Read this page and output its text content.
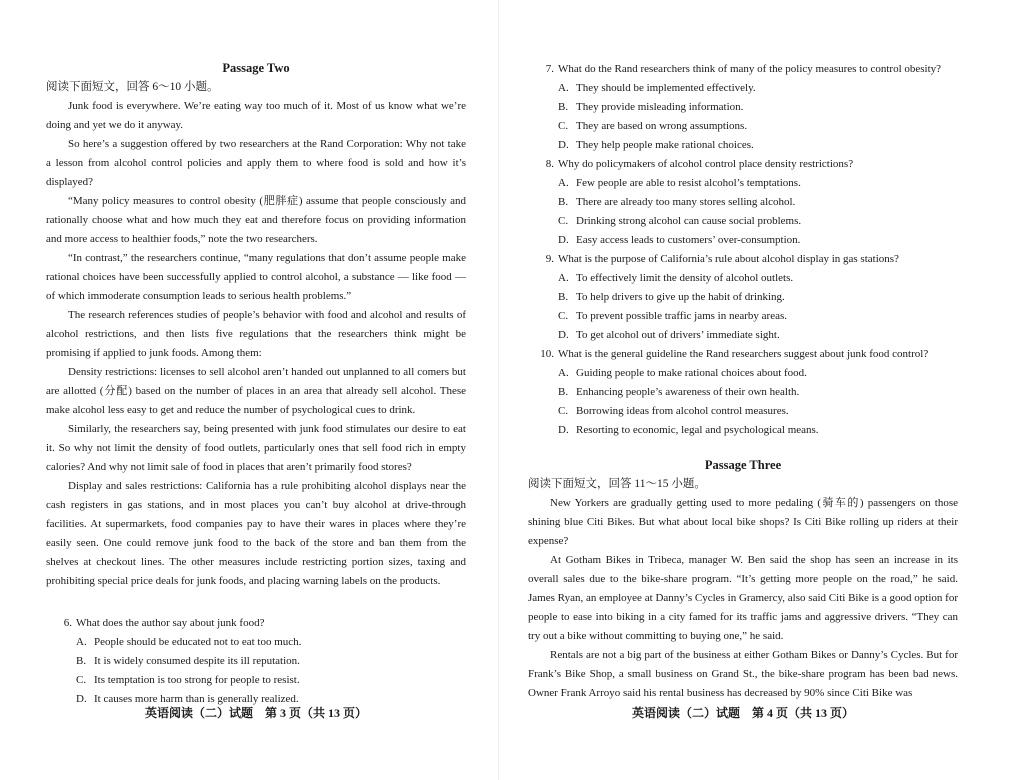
Passage Two

阅读下面短文，回答 6～10 小题。

Junk food is everywhere. We’re eating way too much of it. Most of us know what we’re doing and yet we do it anyway.

So here’s a suggestion offered by two researchers at the Rand Corporation: Why not take a lesson from alcohol control policies and apply them to where food is sold and how it’s displayed?

“Many policy measures to control obesity (肥胖症) assume that people consciously and rationally choose what and how much they eat and therefore focus on providing information and more access to healthier foods,” note the two researchers.

“In contrast,” the researchers continue, “many regulations that don’t assume people make rational choices have been successfully applied to control alcohol, a substance — like food — of which immoderate consumption leads to serious health problems.”

The research references studies of people’s behavior with food and alcohol and results of alcohol restrictions, and then lists five regulations that the researchers think might be promising if applied to junk foods. Among them:

Density restrictions: licenses to sell alcohol aren’t handed out unplanned to all comers but are allotted (分配) based on the number of places in an area that already sell alcohol. These make alcohol less easy to get and reduce the number of psychological cues to drink.

Similarly, the researchers say, being presented with junk food stimulates our desire to eat it. So why not limit the density of food outlets, particularly ones that sell food rich in empty calories? And why not limit sale of food in places that aren’t primarily food stores?

Display and sales restrictions: California has a rule prohibiting alcohol displays near the cash registers in gas stations, and in most places you can’t buy alcohol at drive-through facilities. At supermarkets, food companies pay to have their wares in places where they’re easily seen. One could remove junk food to the back of the store and ban them from the shelves at checkout lines. The other measures include restricting portion sizes, taxing and prohibiting special price deals for junk foods, and placing warning labels on the products.

6. What does the author say about junk food?

A. People should be educated not to eat too much.

B. It is widely consumed despite its ill reputation.

C. Its temptation is too strong for people to resist.

D. It causes more harm than is generally realized.

英语阅读（二）试题　第 3 页（共 13 页）

7. What do the Rand researchers think of many of the policy measures to control obesity?

A. They should be implemented effectively.

B. They provide misleading information.

C. They are based on wrong assumptions.

D. They help people make rational choices.

8. Why do policymakers of alcohol control place density restrictions?

A. Few people are able to resist alcohol’s temptations.

B. There are already too many stores selling alcohol.

C. Drinking strong alcohol can cause social problems.

D. Easy access leads to customers’ over-consumption.

9. What is the purpose of California’s rule about alcohol display in gas stations?

A. To effectively limit the density of alcohol outlets.

B. To help drivers to give up the habit of drinking.

C. To prevent possible traffic jams in nearby areas.

D. To get alcohol out of drivers’ immediate sight.

10. What is the general guideline the Rand researchers suggest about junk food control?

A. Guiding people to make rational choices about food.

B. Enhancing people’s awareness of their own health.

C. Borrowing ideas from alcohol control measures.

D. Resorting to economic, legal and psychological means.

Passage Three

阅读下面短文，回答 11～15 小题。

New Yorkers are gradually getting used to more pedaling (骑车的) passengers on those shining blue Citi Bikes. But what about local bike shops? Is Citi Bike rolling up riders at their expense?

At Gotham Bikes in Tribeca, manager W. Ben said the shop has seen an increase in its overall sales due to the bike-share program. “It’s getting more people on the road,” he said. James Ryan, an employee at Danny’s Cycles in Gramercy, also said Citi Bike is a good option for people to ease into biking in a city famed for its traffic jams and aggressive drivers. “They can try out a bike without committing to buying one,” he said.

Rentals are not a big part of the business at either Gotham Bikes or Danny’s Cycles. But for Frank’s Bike Shop, a small business on Grand St., the bike-share program has been bad news. Owner Frank Arroyo said his rental business has decreased by 90% since Citi Bike was

英语阅读（二）试题　第 4 页（共 13 页）
